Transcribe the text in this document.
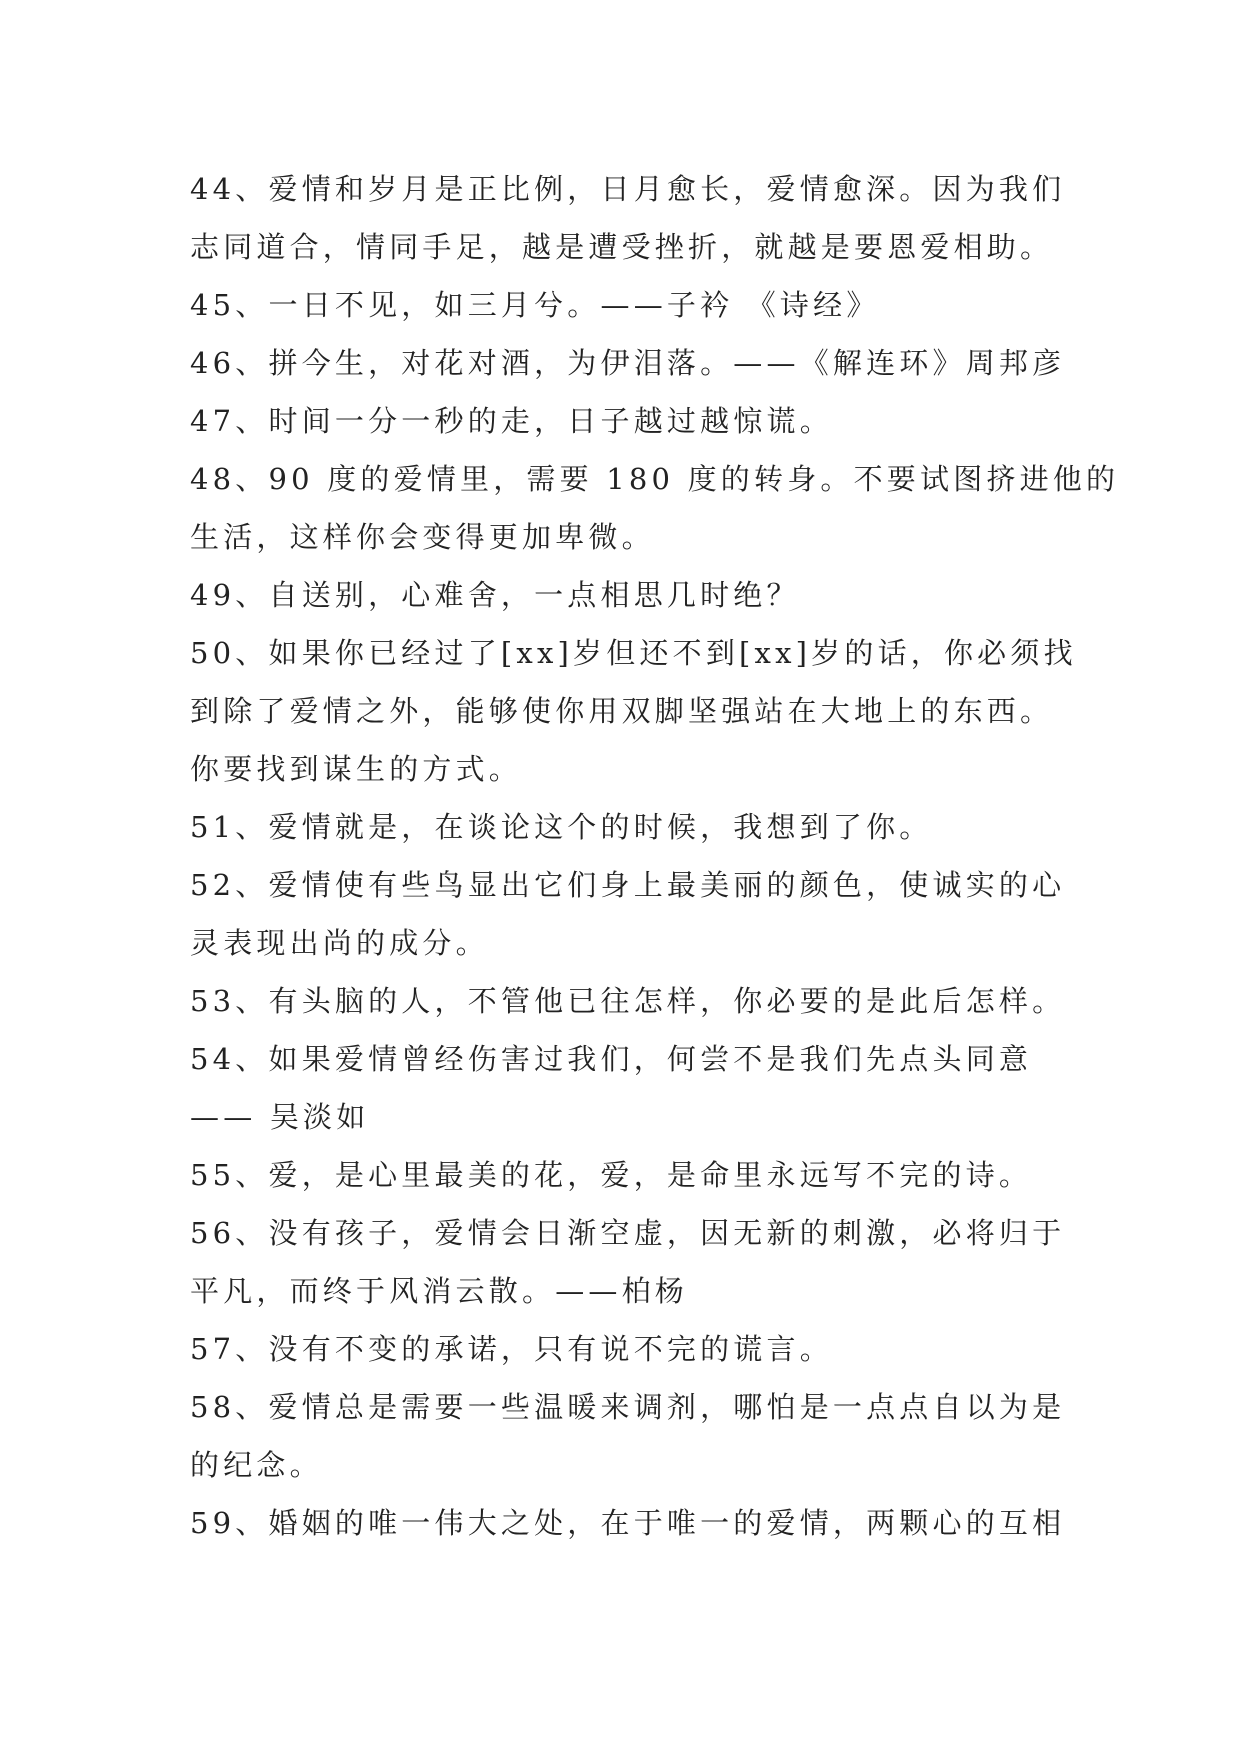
44、爱情和岁月是正比例，日月愈长，爱情愈深。因为我们
志同道合，情同手足，越是遭受挫折，就越是要恩爱相助。
45、一日不见，如三月兮。——子衿 《诗经》
46、拼今生，对花对酒，为伊泪落。——《解连环》周邦彦
47、时间一分一秒的走，日子越过越惊谎。
48、90 度的爱情里，需要 180 度的转身。不要试图挤进他的
生活，这样你会变得更加卑微。
49、自送别，心难舍，一点相思几时绝？
50、如果你已经过了[xx]岁但还不到[xx]岁的话，你必须找
到除了爱情之外，能够使你用双脚坚强站在大地上的东西。
你要找到谋生的方式。
51、爱情就是，在谈论这个的时候，我想到了你。
52、爱情使有些鸟显出它们身上最美丽的颜色，使诚实的心
灵表现出尚的成分。
53、有头脑的人，不管他已往怎样，你必要的是此后怎样。
54、如果爱情曾经伤害过我们，何尝不是我们先点头同意
—— 吴淡如
55、爱，是心里最美的花，爱，是命里永远写不完的诗。
56、没有孩子，爱情会日渐空虚，因无新的刺激，必将归于
平凡，而终于风消云散。——柏杨
57、没有不变的承诺，只有说不完的谎言。
58、爱情总是需要一些温暖来调剂，哪怕是一点点自以为是
的纪念。
59、婚姻的唯一伟大之处，在于唯一的爱情，两颗心的互相
